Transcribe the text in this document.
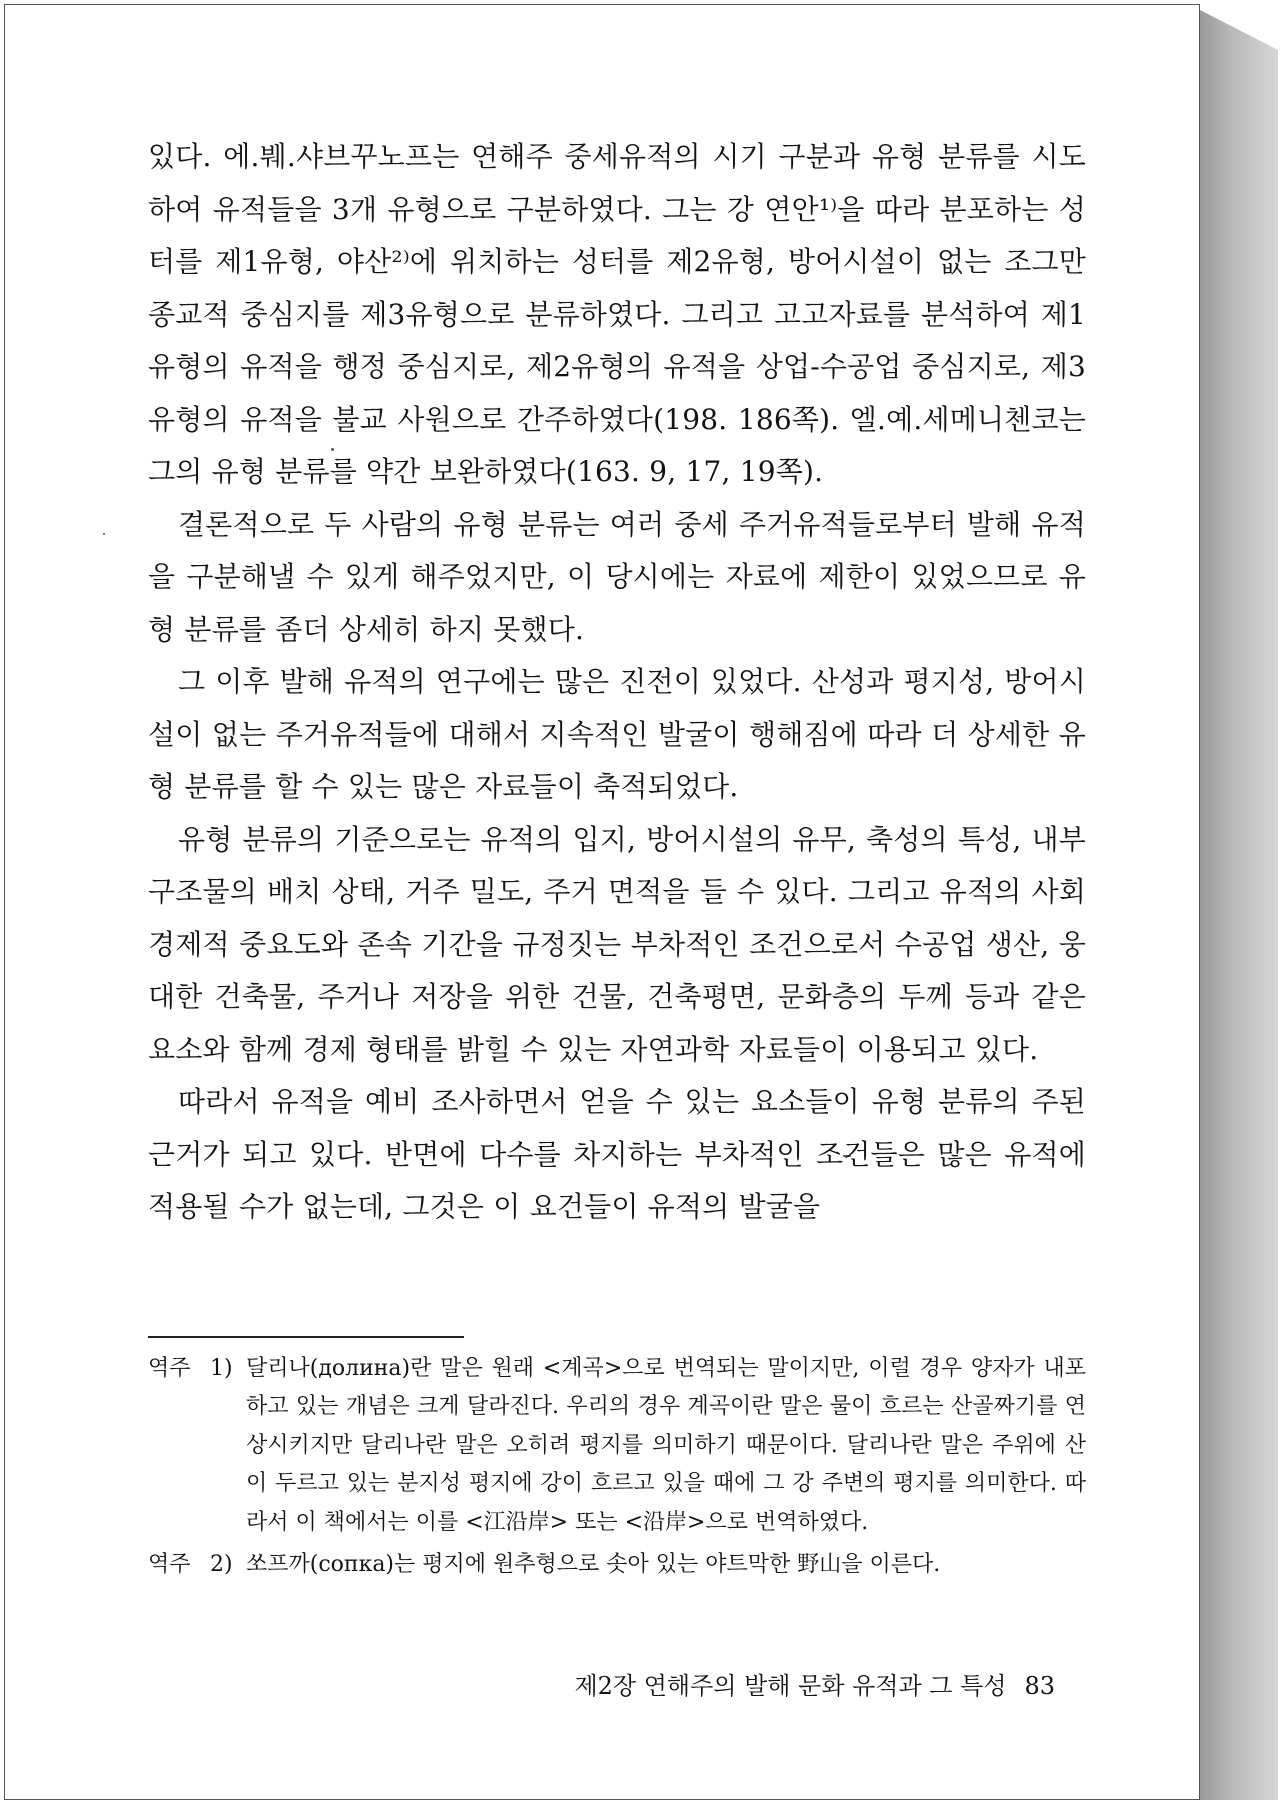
있다. 에.붸.샤브꾸노프는 연해주 중세유적의 시기 구분과 유형 분류를 시도하여 유적들을 3개 유형으로 구분하였다. 그는 강 연안¹⁾을 따라 분포하는 성터를 제1유형, 야산²⁾에 위치하는 성터를 제2유형, 방어시설이 없는 조그만 종교적 중심지를 제3유형으로 분류하였다. 그리고 고고자료를 분석하여 제1유형의 유적을 행정 중심지로, 제2유형의 유적을 상업-수공업 중심지로, 제3유형의 유적을 불교 사원으로 간주하였다(198. 186쪽). 엘.예.세메니첸코는 그의 유형 분류를 약간 보완하였다(163. 9, 17, 19쪽).

결론적으로 두 사람의 유형 분류는 여러 중세 주거유적들로부터 발해 유적을 구분해낼 수 있게 해주었지만, 이 당시에는 자료에 제한이 있었으므로 유형 분류를 좀더 상세히 하지 못했다.

그 이후 발해 유적의 연구에는 많은 진전이 있었다. 산성과 평지성, 방어시설이 없는 주거유적들에 대해서 지속적인 발굴이 행해짐에 따라 더 상세한 유형 분류를 할 수 있는 많은 자료들이 축적되었다.

유형 분류의 기준으로는 유적의 입지, 방어시설의 유무, 축성의 특성, 내부 구조물의 배치 상태, 거주 밀도, 주거 면적을 들 수 있다. 그리고 유적의 사회경제적 중요도와 존속 기간을 규정짓는 부차적인 조건으로서 수공업 생산, 웅대한 건축물, 주거나 저장을 위한 건물, 건축평면, 문화층의 두께 등과 같은 요소와 함께 경제 형태를 밝힐 수 있는 자연과학 자료들이 이용되고 있다.

따라서 유적을 예비 조사하면서 얻을 수 있는 요소들이 유형 분류의 주된 근거가 되고 있다. 반면에 다수를 차지하는 부차적인 조건들은 많은 유적에 적용될 수가 없는데, 그것은 이 요건들이 유적의 발굴을

역주 1) 달리나(долина)란 말은 원래 <계곡>으로 번역되는 말이지만, 이럴 경우 양자가 내포하고 있는 개념은 크게 달라진다. 우리의 경우 계곡이란 말은 물이 흐르는 산골짜기를 연상시키지만 달리나란 말은 오히려 평지를 의미하기 때문이다. 달리나란 말은 주위에 산이 두르고 있는 분지성 평지에 강이 흐르고 있을 때에 그 강 주변의 평지를 의미한다. 따라서 이 책에서는 이를 <江沿岸> 또는 <沿岸>으로 번역하였다.
역주 2) 쏘프까(сопка)는 평지에 원추형으로 솟아 있는 야트막한 野山을 이른다.
제2장 연해주의 발해 문화 유적과 그 특성 83
